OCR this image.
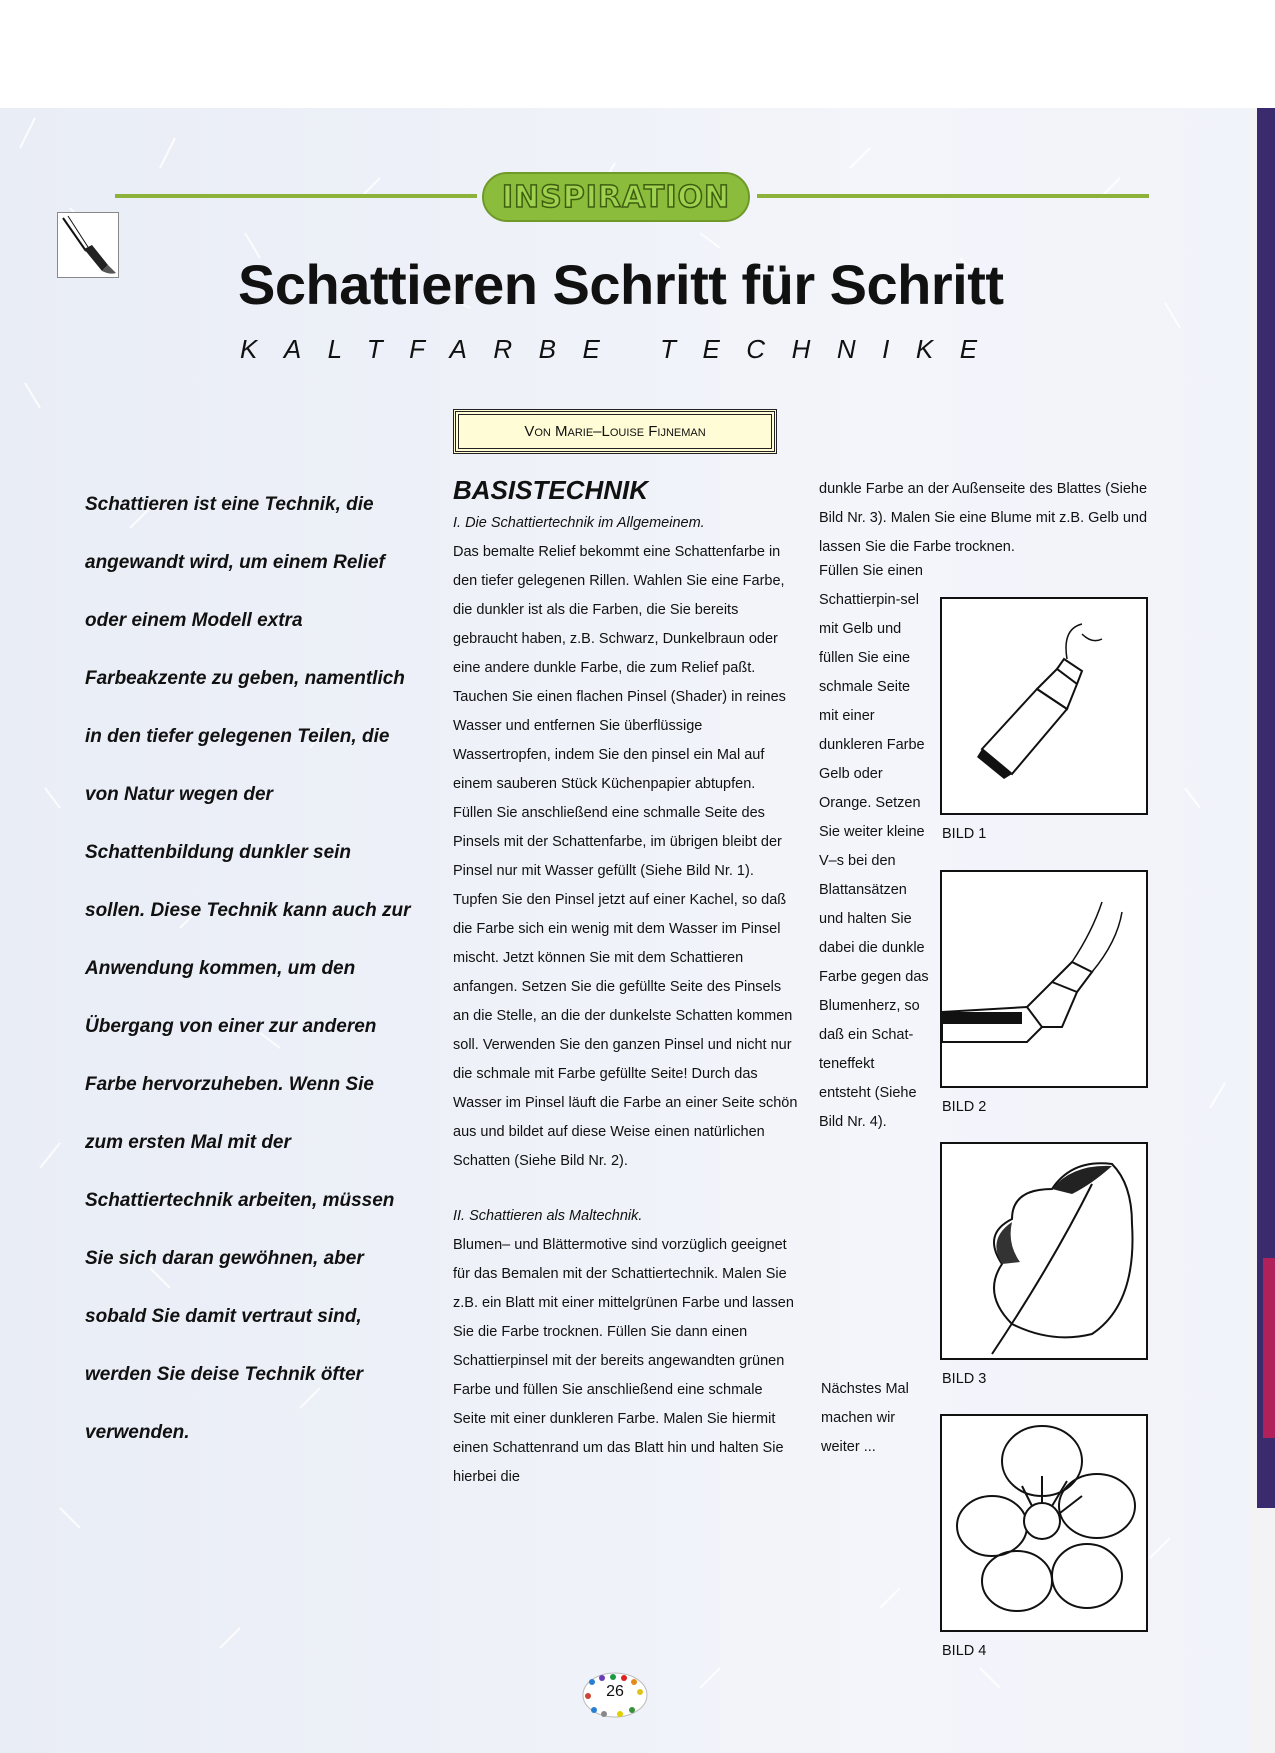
INSPIRATION
Schattieren Schritt für Schritt
KALTFARBE TECHNIKE
Von Marie–Louise Fijneman

Schattieren ist eine Technik, die angewandt wird, um einem Relief oder einem Modell extra Farbeakzente zu geben, namentlich in den tiefer gelegenen Teilen, die von Natur wegen der Schattenbildung dunkler sein sollen. Diese Technik kann auch zur Anwendung kommen, um den Übergang von einer zur anderen Farbe hervorzuheben. Wenn Sie zum ersten Mal mit der Schattiertechnik arbeiten, müssen Sie sich daran gewöhnen, aber sobald Sie damit vertraut sind, werden Sie deise Technik öfter verwenden.

BASISTECHNIK

I. Die Schattiertechnik im Allgemeinem.

Das bemalte Relief bekommt eine Schattenfarbe in den tiefer gelegenen Rillen. Wahlen Sie eine Farbe, die dunkler ist als die Farben, die Sie bereits gebraucht haben, z.B. Schwarz, Dunkelbraun oder eine andere dunkle Farbe, die zum Relief paßt. Tauchen Sie einen flachen Pinsel (Shader) in reines Wasser und entfernen Sie überflüssige Wassertropfen, indem Sie den pinsel ein Mal auf einem sauberen Stück Küchenpapier abtupfen. Füllen Sie anschließend eine schmalle Seite des Pinsels mit der Schattenfarbe, im übrigen bleibt der Pinsel nur mit Wasser gefüllt (Siehe Bild Nr. 1). Tupfen Sie den Pinsel jetzt auf einer Kachel, so daß die Farbe sich ein wenig mit dem Wasser im Pinsel mischt. Jetzt können Sie mit dem Schattieren anfangen. Setzen Sie die gefüllte Seite des Pinsels an die Stelle, an die der dunkelste Schatten kommen soll. Verwenden Sie den ganzen Pinsel und nicht nur die schmale mit Farbe gefüllte Seite! Durch das Wasser im Pinsel läuft die Farbe an einer Seite schön aus und bildet auf diese Weise einen natürlichen Schatten (Siehe Bild Nr. 2).

II. Schattieren als Maltechnik.

Blumen– und Blättermotive sind vorzüglich geeignet für das Bemalen mit der Schattiertechnik. Malen Sie z.B. ein Blatt mit einer mittelgrünen Farbe und lassen Sie die Farbe trocknen. Füllen Sie dann einen Schattierpinsel mit der bereits angewandten grünen Farbe und füllen Sie anschließend eine schmale Seite mit einer dunkleren Farbe. Malen Sie hiermit einen Schattenrand um das Blatt hin und halten Sie hierbei die

dunkle Farbe an der Außenseite des Blattes (Siehe Bild Nr. 3). Malen Sie eine Blume mit z.B. Gelb und lassen Sie die Farbe trocknen.

Füllen Sie einen Schattierpin-sel mit Gelb und füllen Sie eine schmale Seite mit einer dunkleren Farbe Gelb oder Orange. Setzen Sie weiter kleine V–s bei den Blattansätzen und halten Sie dabei die dunkle Farbe gegen das Blumenherz, so daß ein Schat-teneffekt entsteht (Siehe Bild Nr. 4).

Nächstes Mal machen wir weiter ...

BILD 1
BILD 2
BILD 3
BILD 4
26
